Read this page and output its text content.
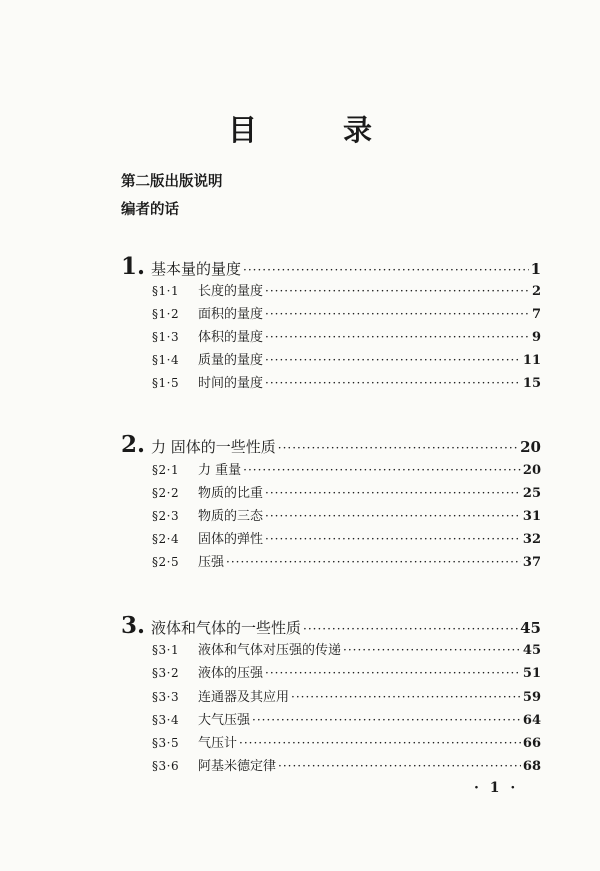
目 录
第二版出版说明
编者的话
1. 基本量的量度 ·····	1
§1·1	长度的量度 ·····	2
§1·2	面积的量度 ·····	7
§1·3	体积的量度 ·····	9
§1·4	质量的量度 ·····	11
§1·5	时间的量度 ·····	15
2. 力 固体的一些性质 ·····	20
§2·1	力 重量 ·····	20
§2·2	物质的比重 ·····	25
§2·3	物质的三态 ·····	31
§2·4	固体的弹性 ·····	32
§2·5	压强 ·····	37
3. 液体和气体的一些性质 ·····	45
§3·1	液体和气体对压强的传递 ·····	45
§3·2	液体的压强 ·····	51
§3·3	连通器及其应用 ·····	59
§3·4	大气压强 ·····	64
§3·5	气压计 ·····	66
§3·6	阿基米德定律 ·····	68
· 1 ·
